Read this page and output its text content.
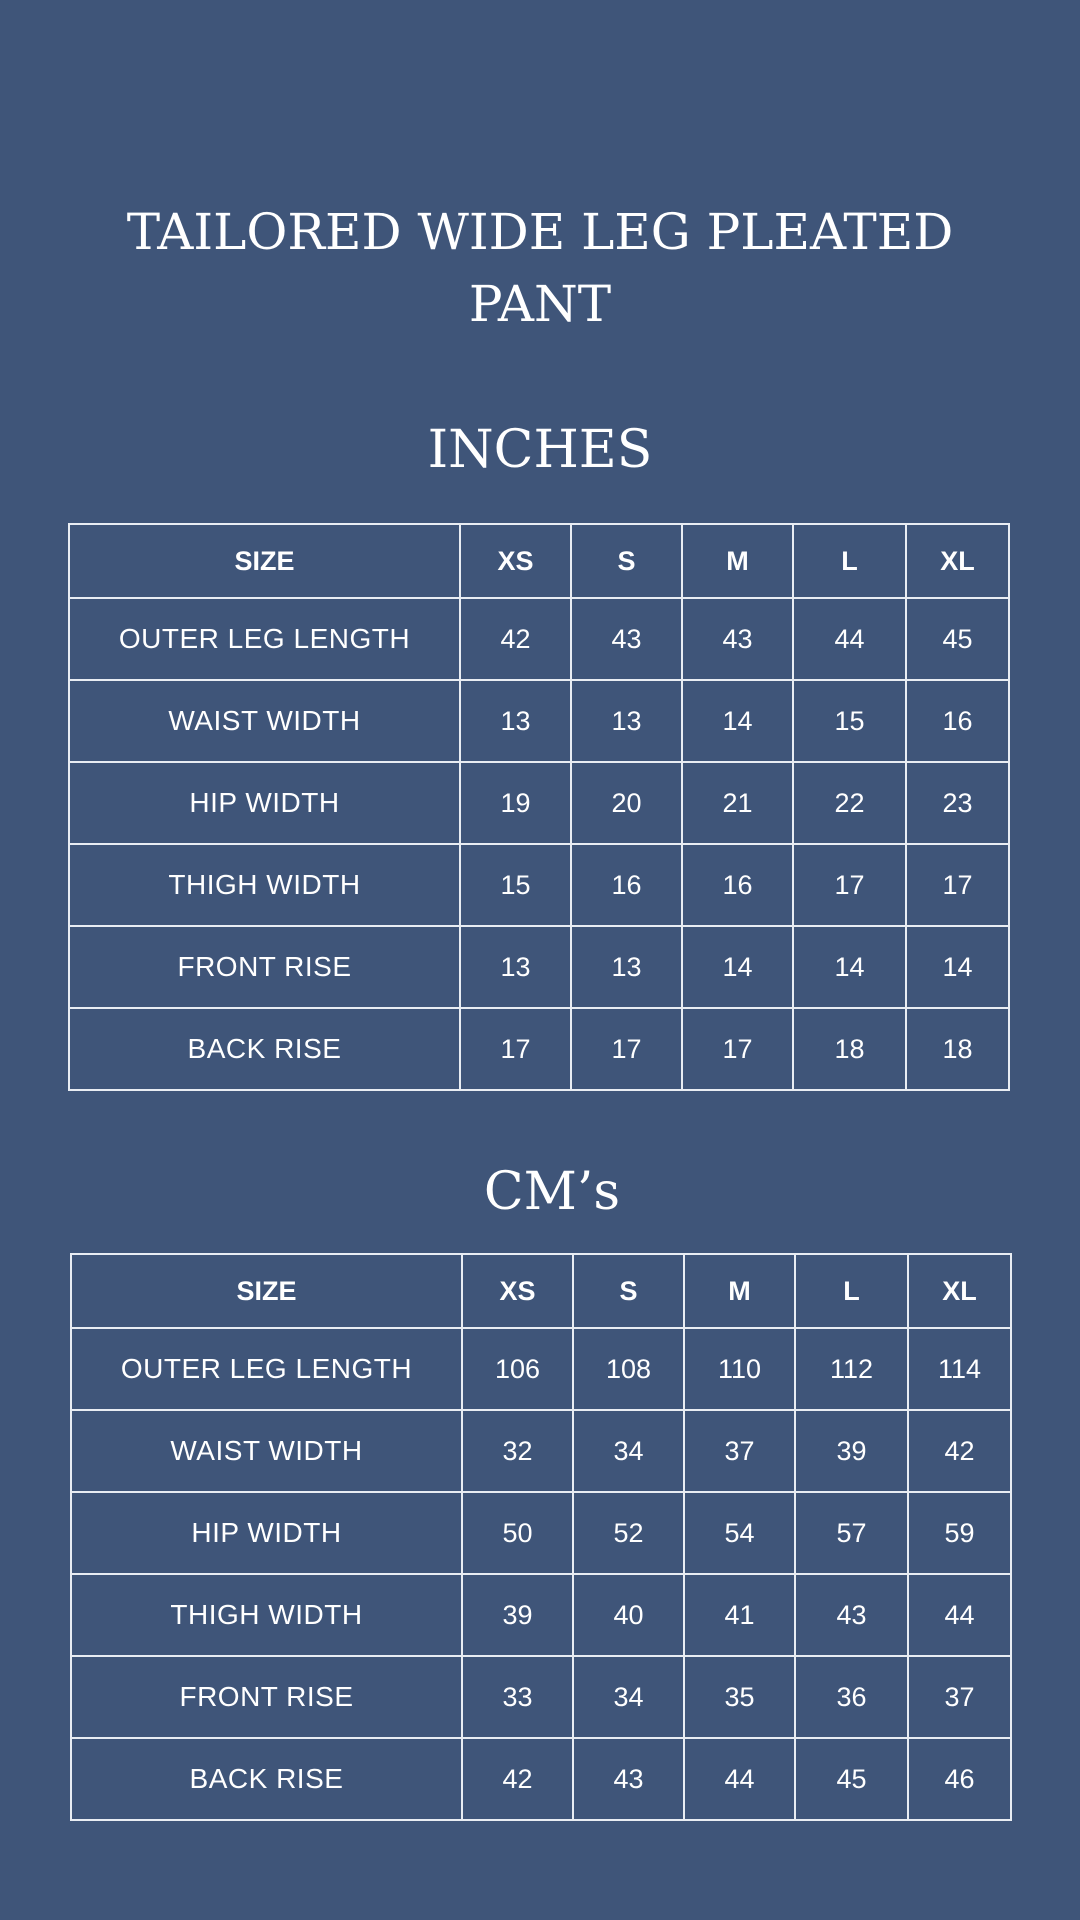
TAILORED WIDE LEG PLEATED PANT
INCHES
SIZE	XS	S	M	L	XL
OUTER LEG LENGTH	42	43	43	44	45
WAIST WIDTH	13	13	14	15	16
HIP WIDTH	19	20	21	22	23
THIGH WIDTH	15	16	16	17	17
FRONT RISE	13	13	14	14	14
BACK RISE	17	17	17	18	18
CM’s
SIZE	XS	S	M	L	XL
OUTER LEG LENGTH	106	108	110	112	114
WAIST WIDTH	32	34	37	39	42
HIP WIDTH	50	52	54	57	59
THIGH WIDTH	39	40	41	43	44
FRONT RISE	33	34	35	36	37
BACK RISE	42	43	44	45	46
